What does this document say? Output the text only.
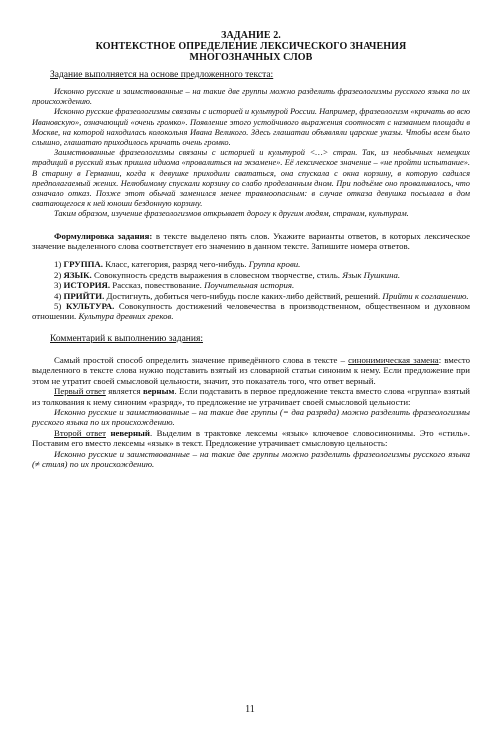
ЗАДАНИЕ 2.
КОНТЕКСТНОЕ ОПРЕДЕЛЕНИЕ ЛЕКСИЧЕСКОГО ЗНАЧЕНИЯ
МНОГОЗНАЧНЫХ СЛОВ
Задание выполняется на основе предложенного текста:

Исконно русские и заимствованные – на такие две группы можно разделить фразеологизмы русского языка по их происхождению.

Исконно русские фразеологизмы связаны с историей и культурой России. Например, фразеологизм «кричать во всю Ивановскую», означающий «очень громко». Появление этого устойчивого выражения соотносят с названием площади в Москве, на которой находилась колокольня Ивана Великого. Здесь глашатаи объявляли царские указы. Чтобы всем было слышно, глашатаю приходилось кричать очень громко.

Заимствованные фразеологизмы связаны с историей и культурой <…> стран. Так, из необычных немецких традиций в русский язык пришла идиома «провалиться на экзамене». Её лексическое значение – «не пройти испытание». В старину в Германии, когда к девушке приходили свататься, она спускала с окна корзину, в которую садился предполагаемый жених. Нелюбимому спускали корзину со слабо проделанным дном. При подъёме оно проваливалось, что означало отказ. Позже этот обычай заменился менее травмоопасным: в случае отказа девушка посылала в дом сватающегося к ней юноши бездонную корзину.

Таким образом, изучение фразеологизмов открывает дорогу к другим людям, странам, культурам.

Формулировка задания: в тексте выделено пять слов. Укажите варианты ответов, в которых лексическое значение выделенного слова соответствует его значению в данном тексте. Запишите номера ответов.
1) ГРУППА. Класс, категория, разряд чего-нибудь. Группа крови.
2) ЯЗЫК. Совокупность средств выражения в словесном творчестве, стиль. Язык Пушкина.
3) ИСТОРИЯ. Рассказ, повествование. Поучительная история.
4) ПРИЙТИ. Достигнуть, добиться чего-нибудь после каких-либо действий, решений. Прийти к соглашению.
5) КУЛЬТУРА. Совокупность достижений человечества в производственном, общественном и духовном отношении. Культура древних греков.
Комментарий к выполнению задания:

Самый простой способ определить значение приведённого слова в тексте – синонимическая замена: вместо выделенного в тексте слова нужно подставить взятый из словарной статьи синоним к нему. Если предложение при этом не утратит своей смысловой цельности, значит, это показатель того, что ответ верный.

Первый ответ является верным. Если подставить в первое предложение текста вместо слова «группа» взятый из толкования к нему синоним «разряд», то предложение не утрачивает своей смысловой цельности:

Исконно русские и заимствованные – на такие две группы (= два разряда) можно разделить фразеологизмы русского языка по их происхождению.

Второй ответ неверный. Выделим в трактовке лексемы «язык» ключевое словосинонимы. Это «стиль». Поставим его вместо лексемы «язык» в текст. Предложение утрачивает смысловую цельность:

Исконно русские и заимствованные – на такие две группы можно разделить фразеологизмы русского языка (≠ стиля) по их происхождению.

11
